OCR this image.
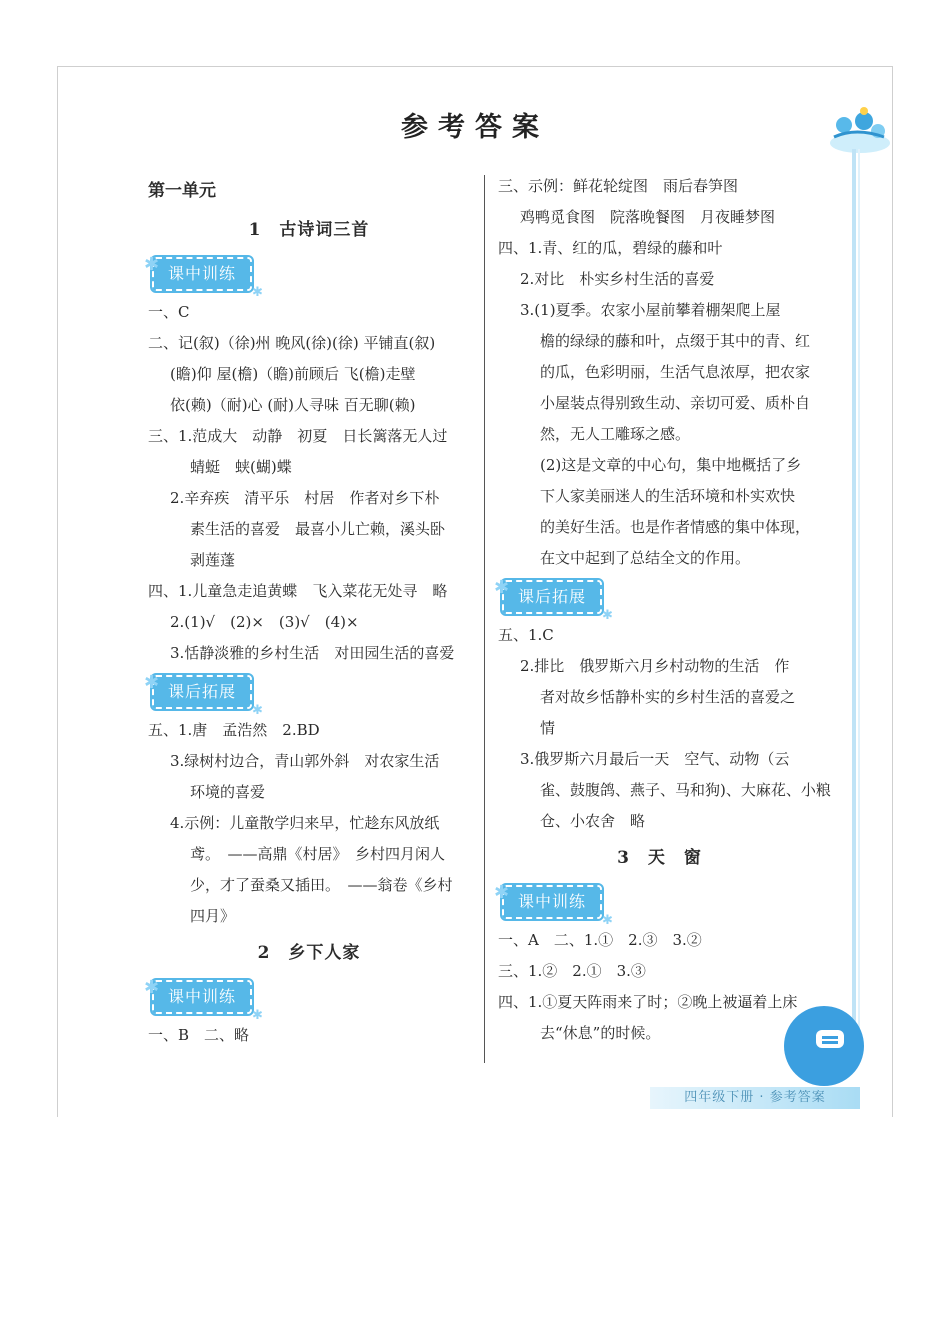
参考答案
第一单元
1　古诗词三首
课中训练
✱
✱
一、C
二、记(叙)（徐)州 晚风(徐)(徐) 平铺直(叙)
(瞻)仰 屋(檐)（瞻)前顾后 飞(檐)走壁
依(赖)（耐)心 (耐)人寻味 百无聊(赖)
三、1.范成大　动静　初夏　日长篱落无人过
蜻蜓　蛱(蝴)蝶
2.辛弃疾　清平乐　村居　作者对乡下朴
素生活的喜爱　最喜小儿亡赖，溪头卧
剥莲蓬
四、1.儿童急走追黄蝶　飞入菜花无处寻　略
2.(1)√　(2)×　(3)√　(4)×
3.恬静淡雅的乡村生活　对田园生活的喜爱
课后拓展
✱
✱
五、1.唐　孟浩然　2.BD
3.绿树村边合，青山郭外斜　对农家生活
环境的喜爱
4.示例：儿童散学归来早，忙趁东风放纸
鸢。　——高鼎《村居》　乡村四月闲人
少，才了蚕桑又插田。　——翁卷《乡村
四月》
2　乡下人家
课中训练
✱
✱
一、B　二、略
三、示例：鲜花轮绽图　雨后春笋图
鸡鸭觅食图　院落晚餐图　月夜睡梦图
四、1.青、红的瓜，碧绿的藤和叶
2.对比　朴实乡村生活的喜爱
3.(1)夏季。农家小屋前攀着棚架爬上屋
檐的绿绿的藤和叶，点缀于其中的青、红
的瓜，色彩明丽，生活气息浓厚，把农家
小屋装点得别致生动、亲切可爱、质朴自
然，无人工雕琢之感。
(2)这是文章的中心句，集中地概括了乡
下人家美丽迷人的生活环境和朴实欢快
的美好生活。也是作者情感的集中体现，
在文中起到了总结全文的作用。
课后拓展
✱
✱
五、1.C
2.排比　俄罗斯六月乡村动物的生活　作
者对故乡恬静朴实的乡村生活的喜爱之
情
3.俄罗斯六月最后一天　空气、动物（云
雀、鼓腹鸽、燕子、马和狗)、大麻花、小粮
仓、小农舍　略
3　天　窗
课中训练
✱
✱
一、A　二、1.①　2.③　3.②
三、1.②　2.①　3.③
四、1.①夏天阵雨来了时；②晚上被逼着上床
去“休息”的时候。
四年级下册 · 参考答案
